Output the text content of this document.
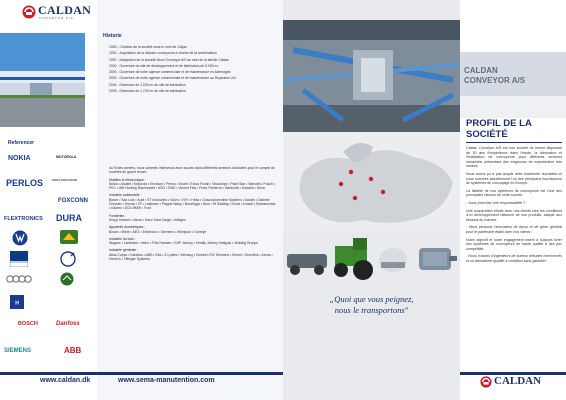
CALDAN
CONVEYOR A/S
Referencer
NOKIA	MOTOROLA
PERLOS	SONY ERICSSON
FOXCONN
FLEXTRONICS DURA
H
BOSCH	Danfoss
SIEMENS	ABB
www.caldan.dk
Historie
1963 - Création de la société sous le nom de Caljan
1992 - Acquisition de la division convoyeurs à chaîne de la combinaison
1997 - Intégration de la société Alcon Conveyor A/S au sein de la famille Caldan
2000 - Ouverture du site de développement et de fabrication de 5.000 m²
2000 - Ouverture de notre agence commerciale et de maintenance en Allemagne
2002 - Ouverture de notre agence commerciale et de maintenance au Royaume-Uni
2004 - Extension de 1.000 m² du site de fabrication
2009 - Extension de 1.700 m² du site de fabrication

Au fil des années, nous sommes intervenus avec succès dans différents secteurs d'activités pour le compte de sociétés de grand renom.

Mobiles et électronique :
Nokia • Alcatel • Motorola • Ericsson • Perlos • Koarli • Elcoa Foxall • Visiochips • Paint Star • Wavotel • Pusch • PKC • AW Hunting Rauhnaheit • ASG • EMZ • Vecent Flos • Fixes Perfarrox • Bartovick • Bavaria • Nova

Industrie automobile :
Bosch / Sao Luis • Audi • ST Industries • Volvo • VVV • Hella • Gosa Automotive Systems • Autoliv • Daimler Chrysler • Honda • ZF • Lasltrans • Plague Wasy • Bunchyga • Nios • Hf Saaling • Deutz • Kostal • Seanshocker • Kautex • DOL BMW • Ford

Fonderies :
Krupp Hoesch • Alcoa • Hanz Gast Zarge • Innligen

Appareils domestiques :
Bosch • Miele • AEG • Electrolux • Siemens • Whirlpool • Gorenje

Industrie du bois :
Wagner • Lanbidas • Velux • Fritz Hansen • SSP Joinery • Vestfly Joinery Vestjysk • Viskelig Groups

Industrie générale :
Atlas Copco • Danfoss • ABB • Ella • Z-Lydtes • Verhaug • Kinnes LRIV Siemens • Kimmi • Grundfos • Arena • Henrich • Flitinger Systems

www.sema-manutention.com
„Quoi que vous peignez,
nous le transportons"
CALDAN
CONVEYOR A/S
PROFIL DE LA SOCIÉTÉ

Caldan Conveyor A/S est une société de renom disposant de 30 ans d'expérience dans l'étude, la fabrication et l'installation de convoyeurs pour différents secteurs industriels présentant des exigences de manutention très variées.

Nous avons pu à pas acquis cette excellente réputation et nous sommes actuellement l'un des principaux fournisseurs de systèmes de convoyage en Europe.

La fiabilité de nos systèmes de convoyeurs est l'une des principales raisons de notre succès.

- Vous cherchez une responsabilité ?

Une coopération étroite avec nos clients crée les conditions d'un développement rationnel de nos produits, adapté aux besoins du marché.

- Nous pensons l'innovation de façon et de gérer général pour le partenaire établi avec nos clients !

Notre objectif et notre engagement visent à toujours livrer des systèmes de convoyeurs de haute qualité à des prix compétitifs.

- Nous n'avons d'ingénieurs de bureau d'études chevronnés et un laboratoire qualifié à condition sans garantie !

CALDAN
